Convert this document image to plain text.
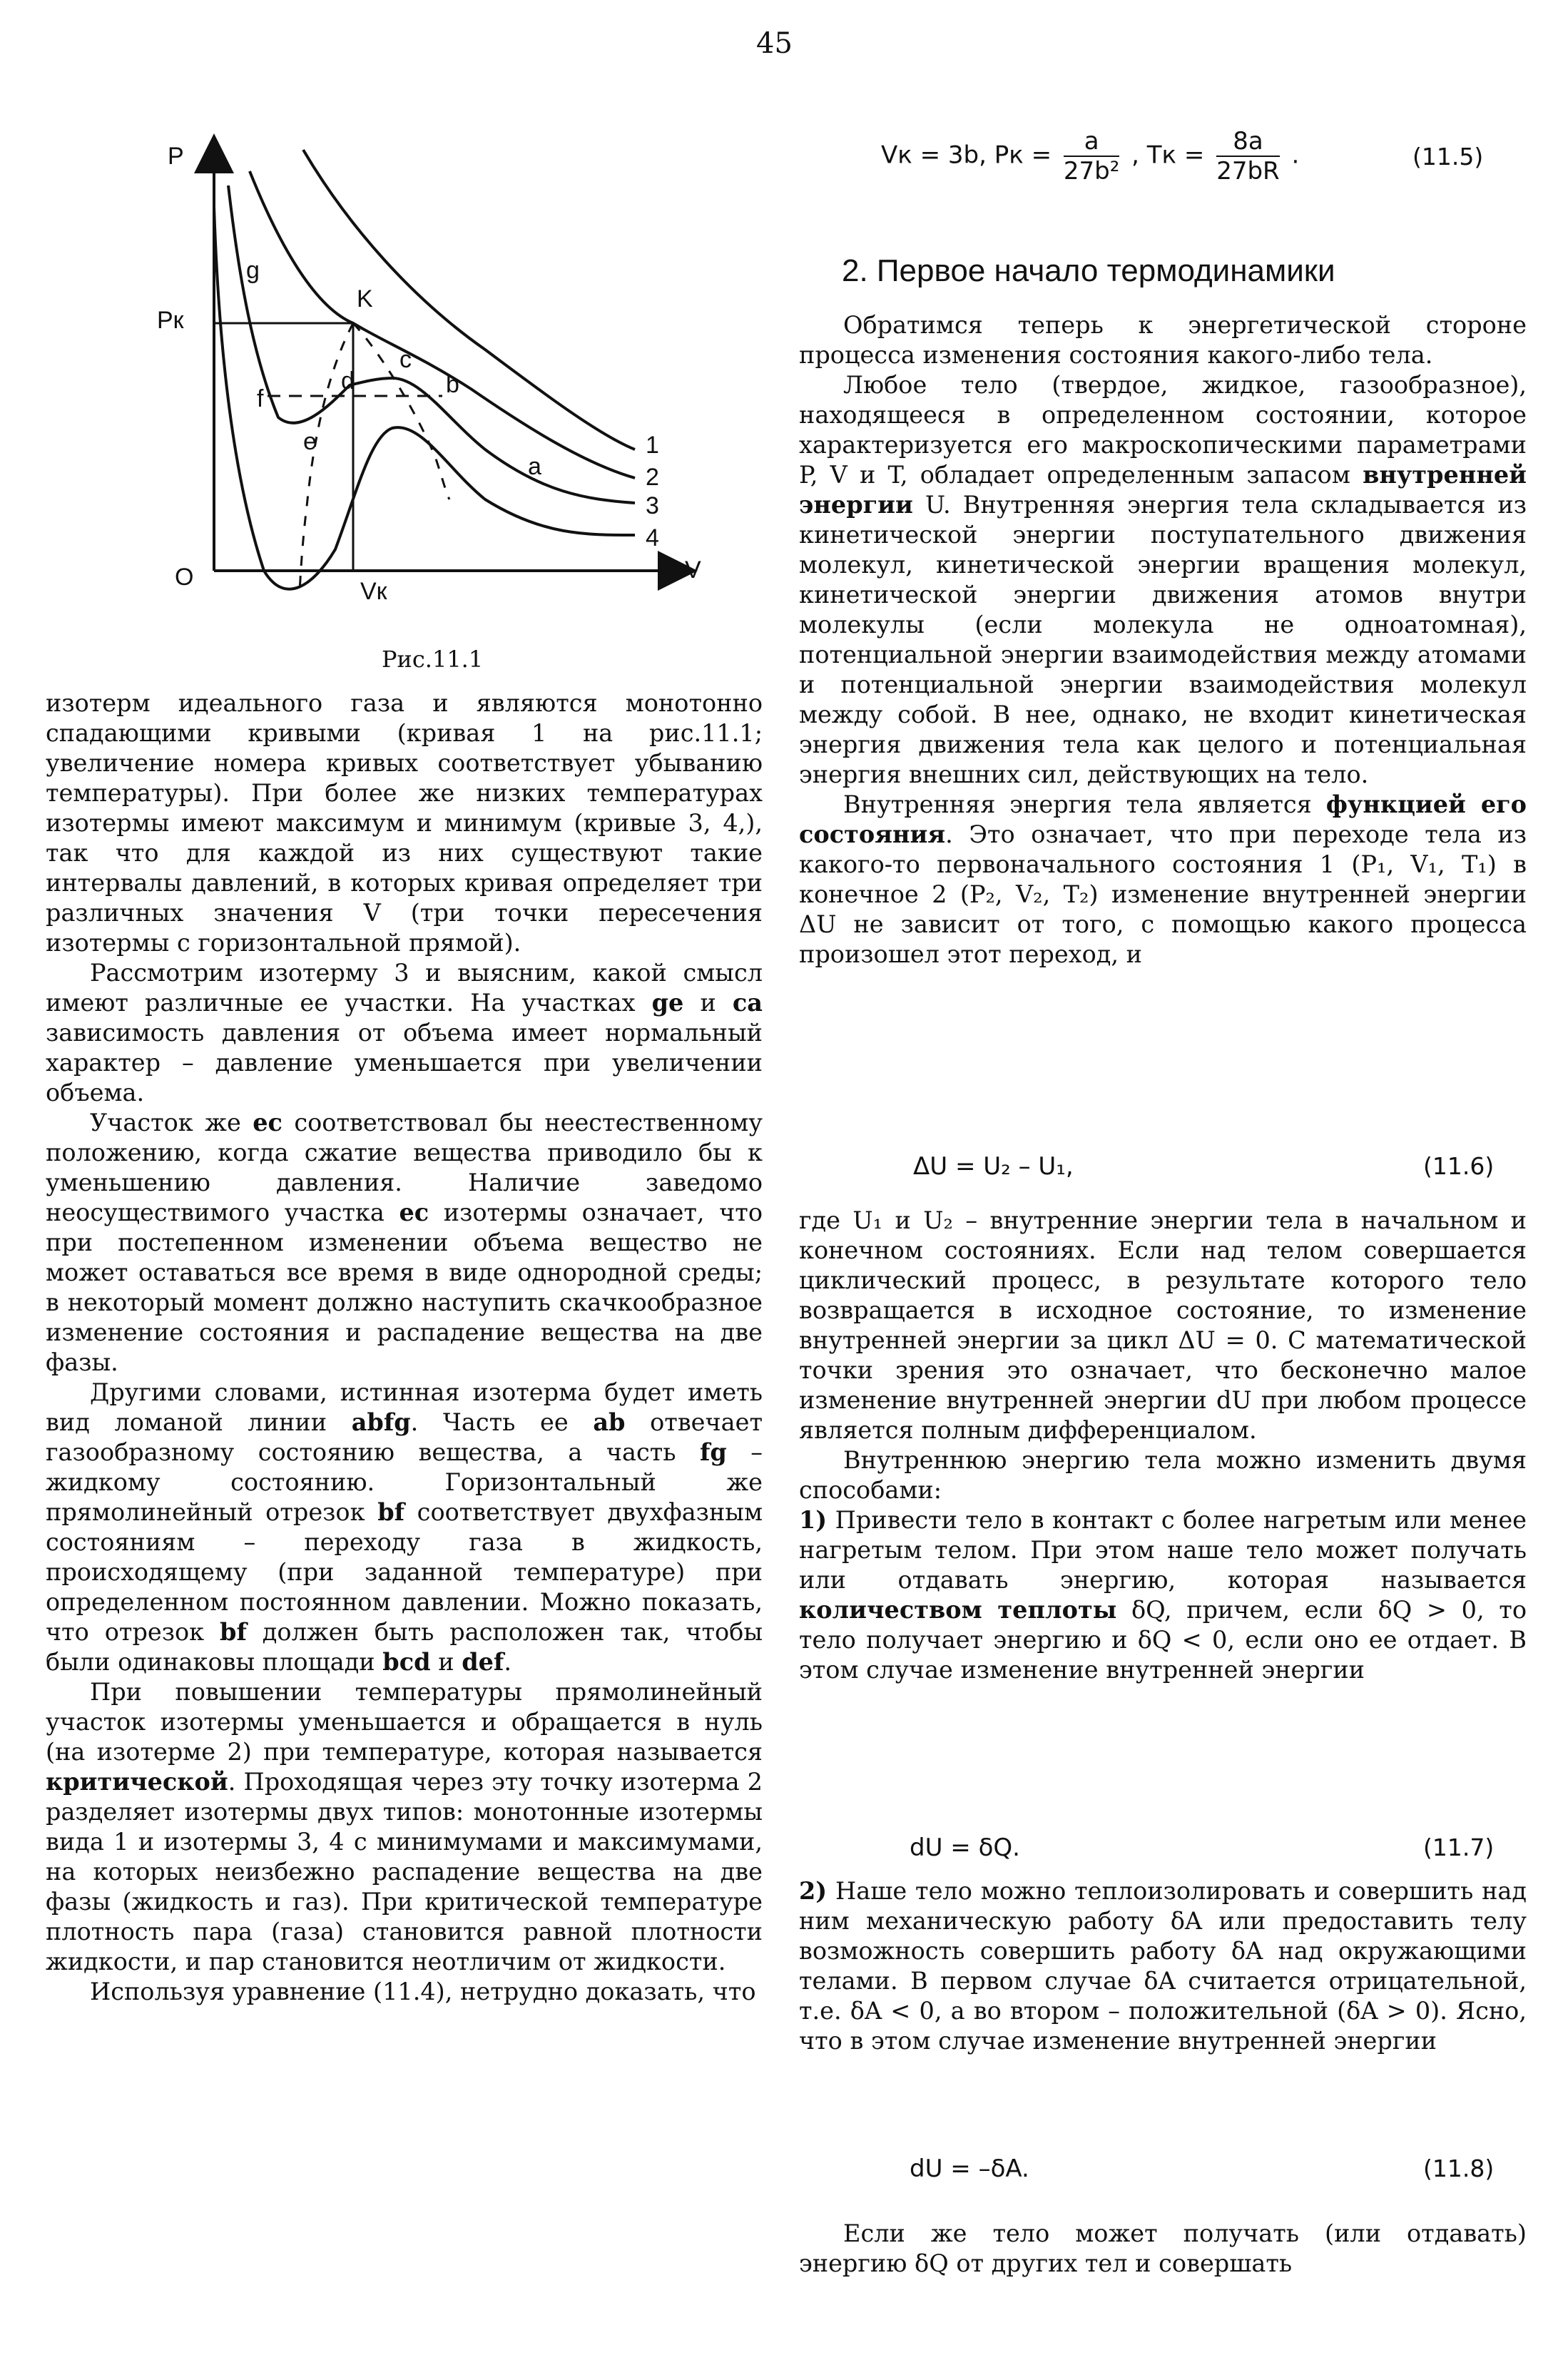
45
P
Pк
O	V
Vк
K
g
f
e
d
c
b
a
1
2
3
4
Рис.11.1

изотерм идеального газа и являются монотонно спадающими кривыми (кривая 1 на рис.11.1; увеличение номера кривых соответствует убыванию температуры). При более же низких температурах изотермы имеют максимум и минимум (кривые 3, 4,), так что для каждой из них существуют такие интервалы давлений, в которых кривая определяет три различных значения V (три точки пересечения изотермы с горизонтальной прямой).

Рассмотрим изотерму 3 и выясним, какой смысл имеют различные ее участки. На участках ge и ca зависимость давления от объема имеет нормальный характер – давление уменьшается при увеличении объема.

Участок же ec соответствовал бы неестественному положению, когда сжатие вещества приводило бы к уменьшению давления. Наличие заведомо неосуществимого участка ec изотермы означает, что при постепенном изменении объема вещество не может оставаться все время в виде однородной среды; в некоторый момент должно наступить скачкообразное изменение состояния и распадение вещества на две фазы.

Другими словами, истинная изотерма будет иметь вид ломаной линии abfg. Часть ее ab отвечает газообразному состоянию вещества, а часть fg – жидкому состоянию. Горизонтальный же прямолинейный отрезок bf соответствует двухфазным состояниям – переходу газа в жидкость, происходящему (при заданной температуре) при определенном постоянном давлении. Можно показать, что отрезок bf должен быть расположен так, чтобы были одинаковы площади bcd и def.

При повышении температуры прямолинейный участок изотермы уменьшается и обращается в нуль (на изотерме 2) при температуре, которая называется критической. Проходящая через эту точку изотерма 2 разделяет изотермы двух типов: монотонные изотермы вида 1 и изотермы 3, 4 с минимумами и максимумами, на которых неизбежно распадение вещества на две фазы (жидкость и газ). При критической температуре плотность пара (газа) становится равной плотности жидкости, и пар становится неотличим от жидкости.

Используя уравнение (11.4), нетрудно доказать, что

Vк = 3b, Pк = $\frac{a}{\text{27b²}}$ , Tк = $\frac{8a}{27bR}$ .	(11.5)
2. Первое начало термодинамики

Обратимся теперь к энергетической стороне процесса изменения состояния какого-либо тела.

Любое тело (твердое, жидкое, газообразное), находящееся в определенном состоянии, которое характеризуется его макроскопическими параметрами P, V и T, обладает определенным запасом внутренней энергии U. Внутренняя энергия тела складывается из кинетической энергии поступательного движения молекул, кинетической энергии вращения молекул, кинетической энергии движения атомов внутри молекулы (если молекула не одноатомная), потенциальной энергии взаимодействия между атомами и потенциальной энергии взаимодействия молекул между собой. В нее, однако, не входит кинетическая энергия движения тела как целого и потенциальная энергия внешних сил, действующих на тело.

Внутренняя энергия тела является функцией его состояния. Это означает, что при переходе тела из какого-то первоначального состояния 1 (P₁, V₁, T₁) в конечное 2 (P₂, V₂, T₂) изменение внутренней энергии ΔU не зависит от того, с помощью какого процесса произошел этот переход, и

ΔU = U₂ – U₁,	(11.6)

где U₁ и U₂ – внутренние энергии тела в начальном и конечном состояниях. Если над телом совершается циклический процесс, в результате которого тело возвращается в исходное состояние, то изменение внутренней энергии за цикл ΔU = 0. С математической точки зрения это означает, что бесконечно малое изменение внутренней энергии dU при любом процессе является полным дифференциалом.

Внутреннюю энергию тела можно изменить двумя способами:

1) Привести тело в контакт с более нагретым или менее нагретым телом. При этом наше тело может получать или отдавать энергию, которая называется количеством теплоты δQ, причем, если δQ > 0, то тело получает энергию и δQ < 0, если оно ее отдает. В этом случае изменение внутренней энергии

dU = δQ.	(11.7)

2) Наше тело можно теплоизолировать и совершить над ним механическую работу δA или предоставить телу возможность совершить работу δA над окружающими телами. В первом случае δA считается отрицательной, т.е. δA < 0, а во втором – положительной (δA > 0). Ясно, что в этом случае изменение внутренней энергии

dU = –δA.	(11.8)

Если же тело может получать (или отдавать) энергию δQ от других тел и совершать
